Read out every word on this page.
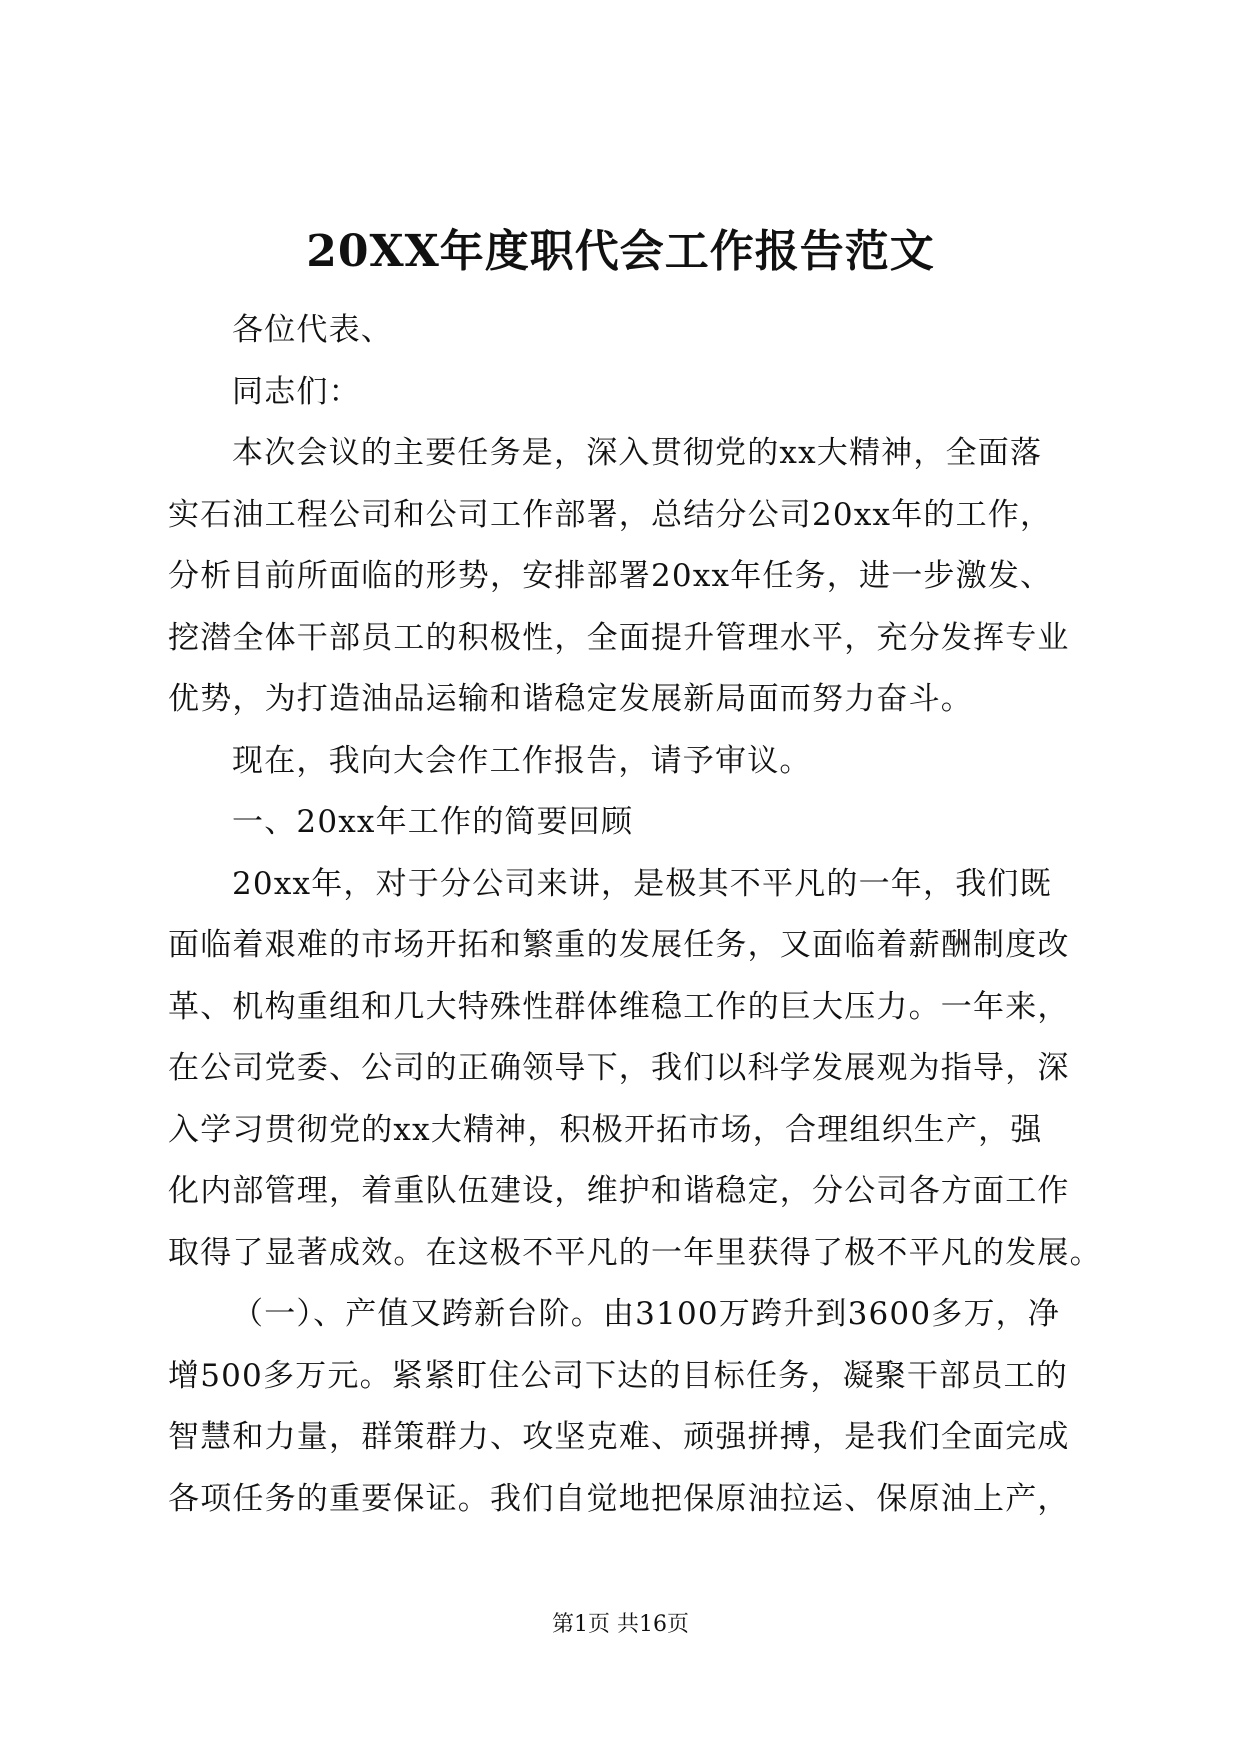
20XX年度职代会工作报告范文

各位代表、

同志们：

本次会议的主要任务是，深入贯彻党的xx大精神，全面落

实石油工程公司和公司工作部署，总结分公司20xx年的工作，

分析目前所面临的形势，安排部署20xx年任务，进一步激发、

挖潜全体干部员工的积极性，全面提升管理水平，充分发挥专业

优势，为打造油品运输和谐稳定发展新局面而努力奋斗。

现在，我向大会作工作报告，请予审议。

一、20xx年工作的简要回顾

20xx年，对于分公司来讲，是极其不平凡的一年，我们既

面临着艰难的市场开拓和繁重的发展任务，又面临着薪酬制度改

革、机构重组和几大特殊性群体维稳工作的巨大压力。一年来，

在公司党委、公司的正确领导下，我们以科学发展观为指导，深

入学习贯彻党的xx大精神，积极开拓市场，合理组织生产，强

化内部管理，着重队伍建设，维护和谐稳定，分公司各方面工作

取得了显著成效。在这极不平凡的一年里获得了极不平凡的发展。

（一）、产值又跨新台阶。由3100万跨升到3600多万，净

增500多万元。紧紧盯住公司下达的目标任务，凝聚干部员工的

智慧和力量，群策群力、攻坚克难、顽强拼搏，是我们全面完成

各项任务的重要保证。我们自觉地把保原油拉运、保原油上产，

第1页 共16页
